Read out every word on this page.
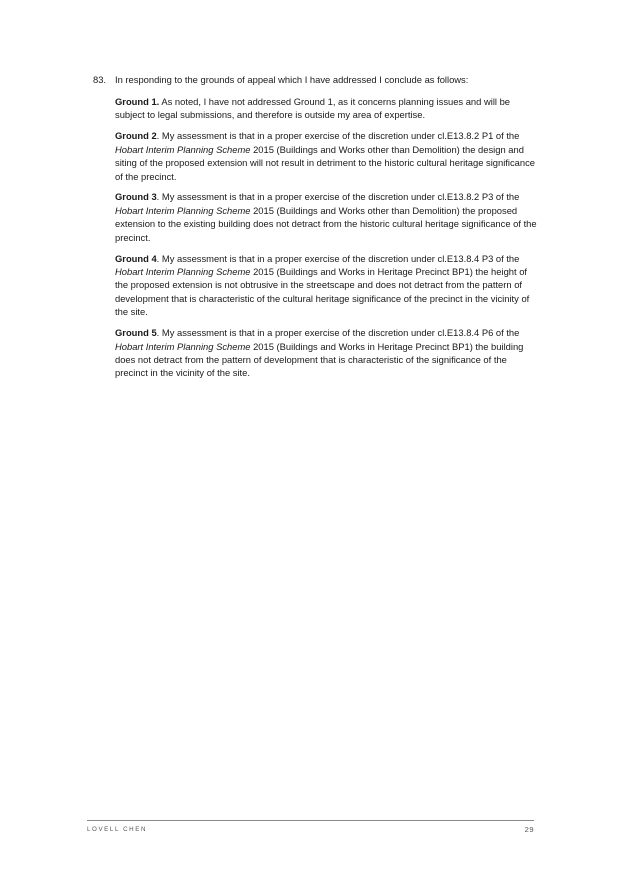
83. In responding to the grounds of appeal which I have addressed I conclude as follows:

Ground 1. As noted, I have not addressed Ground 1, as it concerns planning issues and will be subject to legal submissions, and therefore is outside my area of expertise.

Ground 2. My assessment is that in a proper exercise of the discretion under cl.E13.8.2 P1 of the Hobart Interim Planning Scheme 2015 (Buildings and Works other than Demolition) the design and siting of the proposed extension will not result in detriment to the historic cultural heritage significance of the precinct.

Ground 3. My assessment is that in a proper exercise of the discretion under cl.E13.8.2 P3 of the Hobart Interim Planning Scheme 2015 (Buildings and Works other than Demolition) the proposed extension to the existing building does not detract from the historic cultural heritage significance of the precinct.

Ground 4. My assessment is that in a proper exercise of the discretion under cl.E13.8.4 P3 of the Hobart Interim Planning Scheme 2015 (Buildings and Works in Heritage Precinct BP1) the height of the proposed extension is not obtrusive in the streetscape and does not detract from the pattern of development that is characteristic of the cultural heritage significance of the precinct in the vicinity of the site.

Ground 5. My assessment is that in a proper exercise of the discretion under cl.E13.8.4 P6 of the Hobart Interim Planning Scheme 2015 (Buildings and Works in Heritage Precinct BP1) the building does not detract from the pattern of development that is characteristic of the significance of the precinct in the vicinity of the site.

LOVELL CHEN	29
